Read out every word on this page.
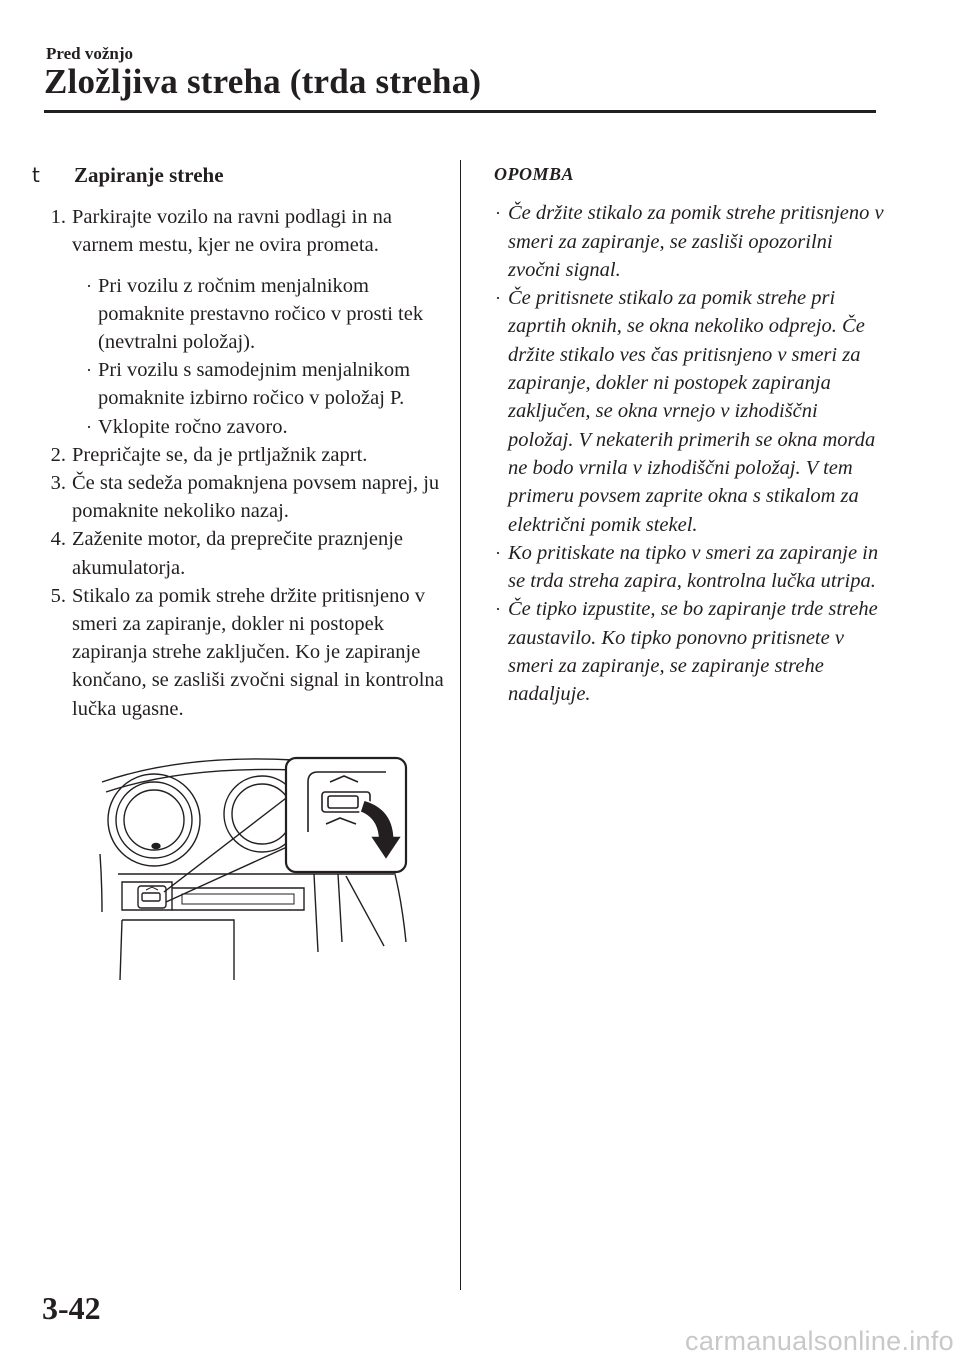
Pred vožnjo
Zložljiva streha (trda streha)
t	Zapiranje strehe
1. Parkirajte vozilo na ravni podlagi in na varnem mestu, kjer ne ovira prometa.
· Pri vozilu z ročnim menjalnikom pomaknite prestavno ročico v prosti tek (nevtralni položaj).
· Pri vozilu s samodejnim menjalnikom pomaknite izbirno ročico v položaj P.
· Vklopite ročno zavoro.
2. Prepričajte se, da je prtljažnik zaprt.
3. Če sta sedeža pomaknjena povsem naprej, ju pomaknite nekoliko nazaj.
4. Zaženite motor, da preprečite praznjenje akumulatorja.
5. Stikalo za pomik strehe držite pritisnjeno v smeri za zapiranje, dokler ni postopek zapiranja strehe zaključen. Ko je zapiranje končano, se zasliši zvočni signal in kontrolna lučka ugasne.
OPOMBA
· Če držite stikalo za pomik strehe pritisnjeno v smeri za zapiranje, se zasliši opozorilni zvočni signal.
· Če pritisnete stikalo za pomik strehe pri zaprtih oknih, se okna nekoliko odprejo. Če držite stikalo ves čas pritisnjeno v smeri za zapiranje, dokler ni postopek zapiranja zaključen, se okna vrnejo v izhodiščni položaj. V nekaterih primerih se okna morda ne bodo vrnila v izhodiščni položaj. V tem primeru povsem zaprite okna s stikalom za električni pomik stekel.
· Ko pritiskate na tipko v smeri za zapiranje in se trda streha zapira, kontrolna lučka utripa.
· Če tipko izpustite, se bo zapiranje trde strehe zaustavilo. Ko tipko ponovno pritisnete v smeri za zapiranje, se zapiranje strehe nadaljuje.
3-42
carmanualsonline.info
